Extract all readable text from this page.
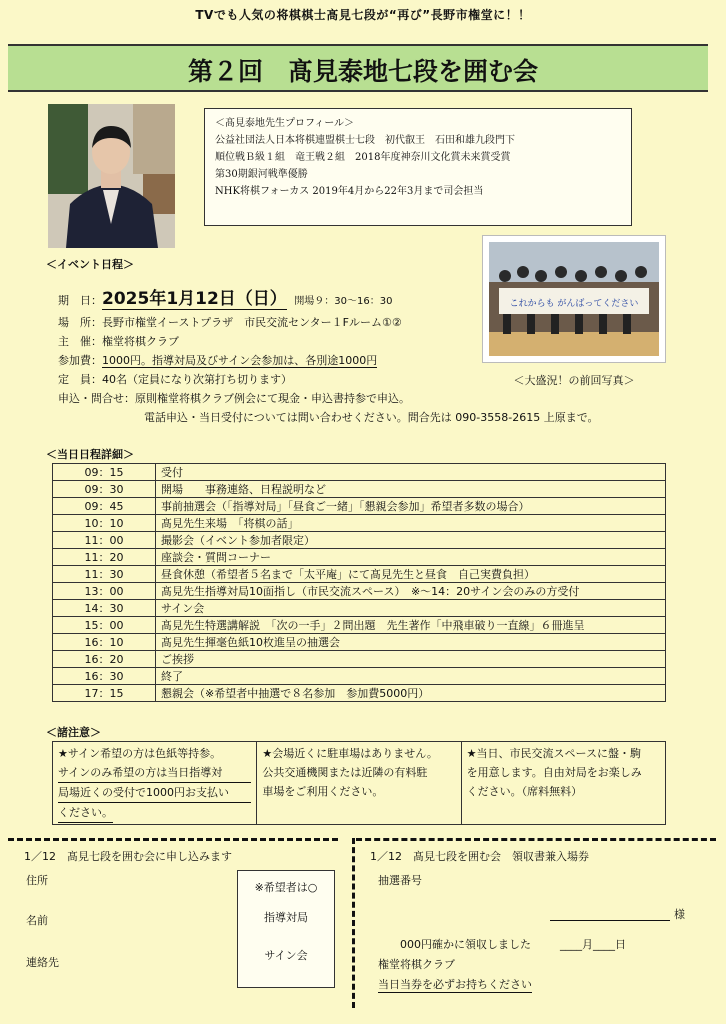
TVでも人気の将棋棋士髙見七段が“再び”長野市権堂に！！
第２回　髙見泰地七段を囲む会
＜髙見泰地先生プロフィール＞
公益社団法人日本将棋連盟棋士七段　初代叡王　石田和雄九段門下
順位戦Ｂ級１組　竜王戦２組　2018年度神奈川文化賞未来賞受賞
第30期銀河戦準優勝
NHK将棋フォーカス 2019年4月から22年3月まで司会担当
＜イベント日程＞
期　日：2025年1月12日（日） 開場９：30〜16：30
場　所：長野市権堂イーストプラザ　市民交流センター１Fルーム①②
主　催：権堂将棋クラブ
参加費：1000円。指導対局及びサイン会参加は、各別途1000円
定　員：40名（定員になり次第打ち切ります）
申込・問合せ：原則権堂将棋クラブ例会にて現金・申込書持参で申込。
電話申込・当日受付については問い合わせください。問合先は 090-3558-2615 上原まで。
これからも がんばってください
＜大盛況！の前回写真＞
＜当日日程詳細＞
09：15	受付
09：30	開場　　事務連絡、日程説明など
09：45	事前抽選会（「指導対局」「昼食ご一緒」「懇親会参加」希望者多数の場合）
10：10	髙見先生来場　「将棋の話」
11：00	撮影会（イベント参加者限定）
11：20	座談会・質問コーナー
11：30	昼食休憩（希望者５名まで「太平庵」にて髙見先生と昼食　自己実費負担）
13：00	髙見先生指導対局10面指し（市民交流スペース）　※〜14：20サイン会のみの方受付
14：30	サイン会
15：00	髙見先生特選講解説　「次の一手」２問出題　先生著作「中飛車破り一直線」６冊進呈
16：10	髙見先生揮毫色紙10枚進呈の抽選会
16：20	ご挨拶
16：30	終了
17：15	懇親会（※希望者中抽選で８名参加　参加費5000円）
＜諸注意＞
★サイン希望の方は色紙等持参。
サインのみ希望の方は当日指導対
局場近くの受付で1000円お支払い
ください。
★会場近くに駐車場はありません。
公共交通機関または近隣の有料駐
車場をご利用ください。
★当日、市民交流スペースに盤・駒
を用意します。自由対局をお楽しみ
ください。（席料無料）
1／12　髙見七段を囲む会に申し込みます
住所
名前
連絡先
※希望者は○
指導対局
サイン会
1／12　髙見七段を囲む会　領収書兼入場券
抽選番号
様
000円確かに領収しました	____月____日
権堂将棋クラブ
当日当券を必ずお持ちください
